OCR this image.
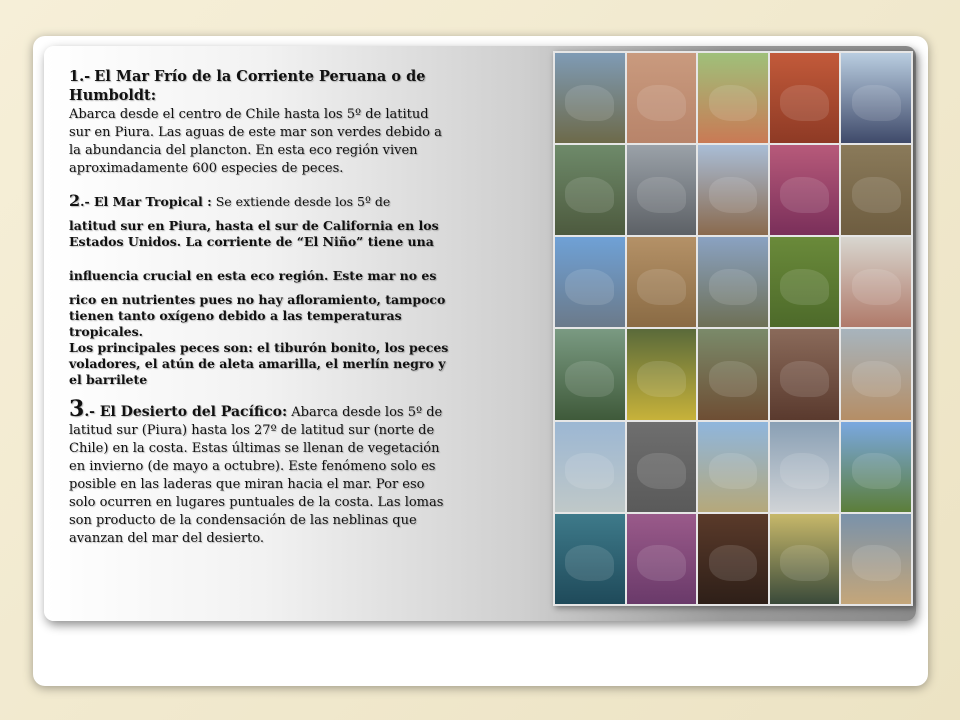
1.- El Mar Frío de la Corriente Peruana o de Humboldt:
Abarca desde el centro de Chile hasta los 5º de latitud sur en Piura. Las aguas de este mar son verdes debido a la abundancia del plancton. En esta eco región viven aproximadamente 600 especies de peces.
2.- El Mar Tropical : Se extiende desde los 5º de
latitud sur en Piura, hasta el sur de California en los Estados Unidos. La corriente de “El Niño” tiene una
influencia crucial en esta eco región. Este mar no es
rico en nutrientes pues no hay afloramiento, tampoco tienen tanto oxígeno debido a las temperaturas tropicales.
Los principales peces son: el tiburón bonito, los peces voladores, el atún de aleta amarilla, el merlín negro y el barrilete
3.- El Desierto del Pacífico: Abarca desde los 5º de latitud sur (Piura) hasta los 27º de latitud sur (norte de Chile) en la costa. Estas últimas se llenan de vegetación en invierno (de mayo a octubre). Este fenómeno solo es posible en las laderas que miran hacia el mar. Por eso solo ocurren en lugares puntuales de la costa. Las lomas son producto de la condensación de las neblinas que avanzan del mar del desierto.
